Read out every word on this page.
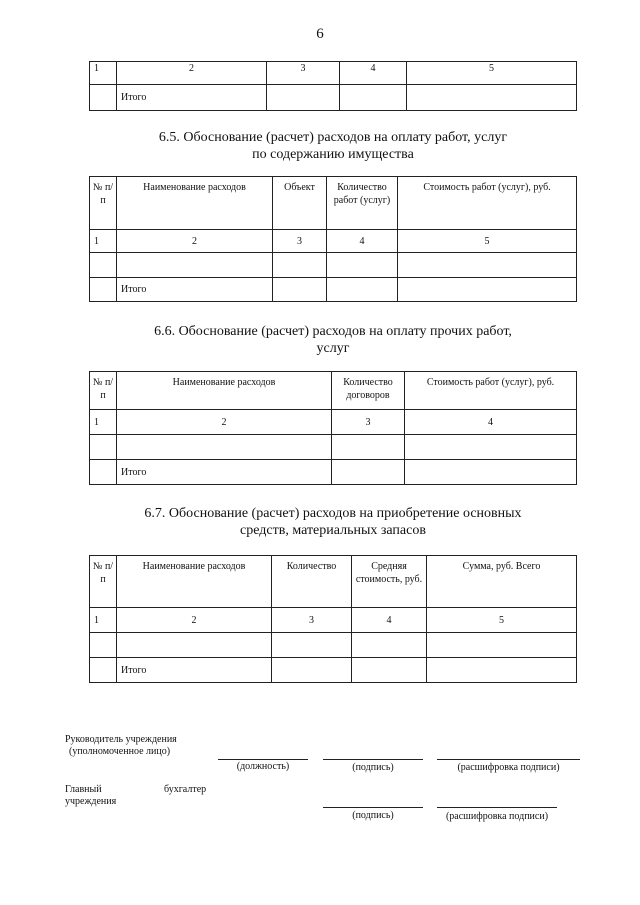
6
1	2	3	4	5
	Итого			
6.5. Обоснование (расчет) расходов на оплату работ, услуг
по содержанию имущества
№ п/п	Наименование расходов	Объект	Количество работ (услуг)	Стоимость работ (услуг), руб.
1	2	3	4	5

	Итого			
6.6. Обоснование (расчет) расходов на оплату прочих работ,
услуг
№ п/п	Наименование расходов	Количество договоров	Стоимость работ (услуг), руб.
1	2	3	4

	Итого		
6.7. Обоснование (расчет) расходов на приобретение основных
средств, материальных запасов
№ п/п	Наименование расходов	Количество	Средняя стоимость, руб.	Сумма, руб. Всего
1	2	3	4	5

	Итого			
Руководитель учреждения
(уполномоченное лицо)
(должность)	(подпись)	(расшифровка подписи)
Главный
учреждения
бухгалтер
(подпись)	(расшифровка подписи)
